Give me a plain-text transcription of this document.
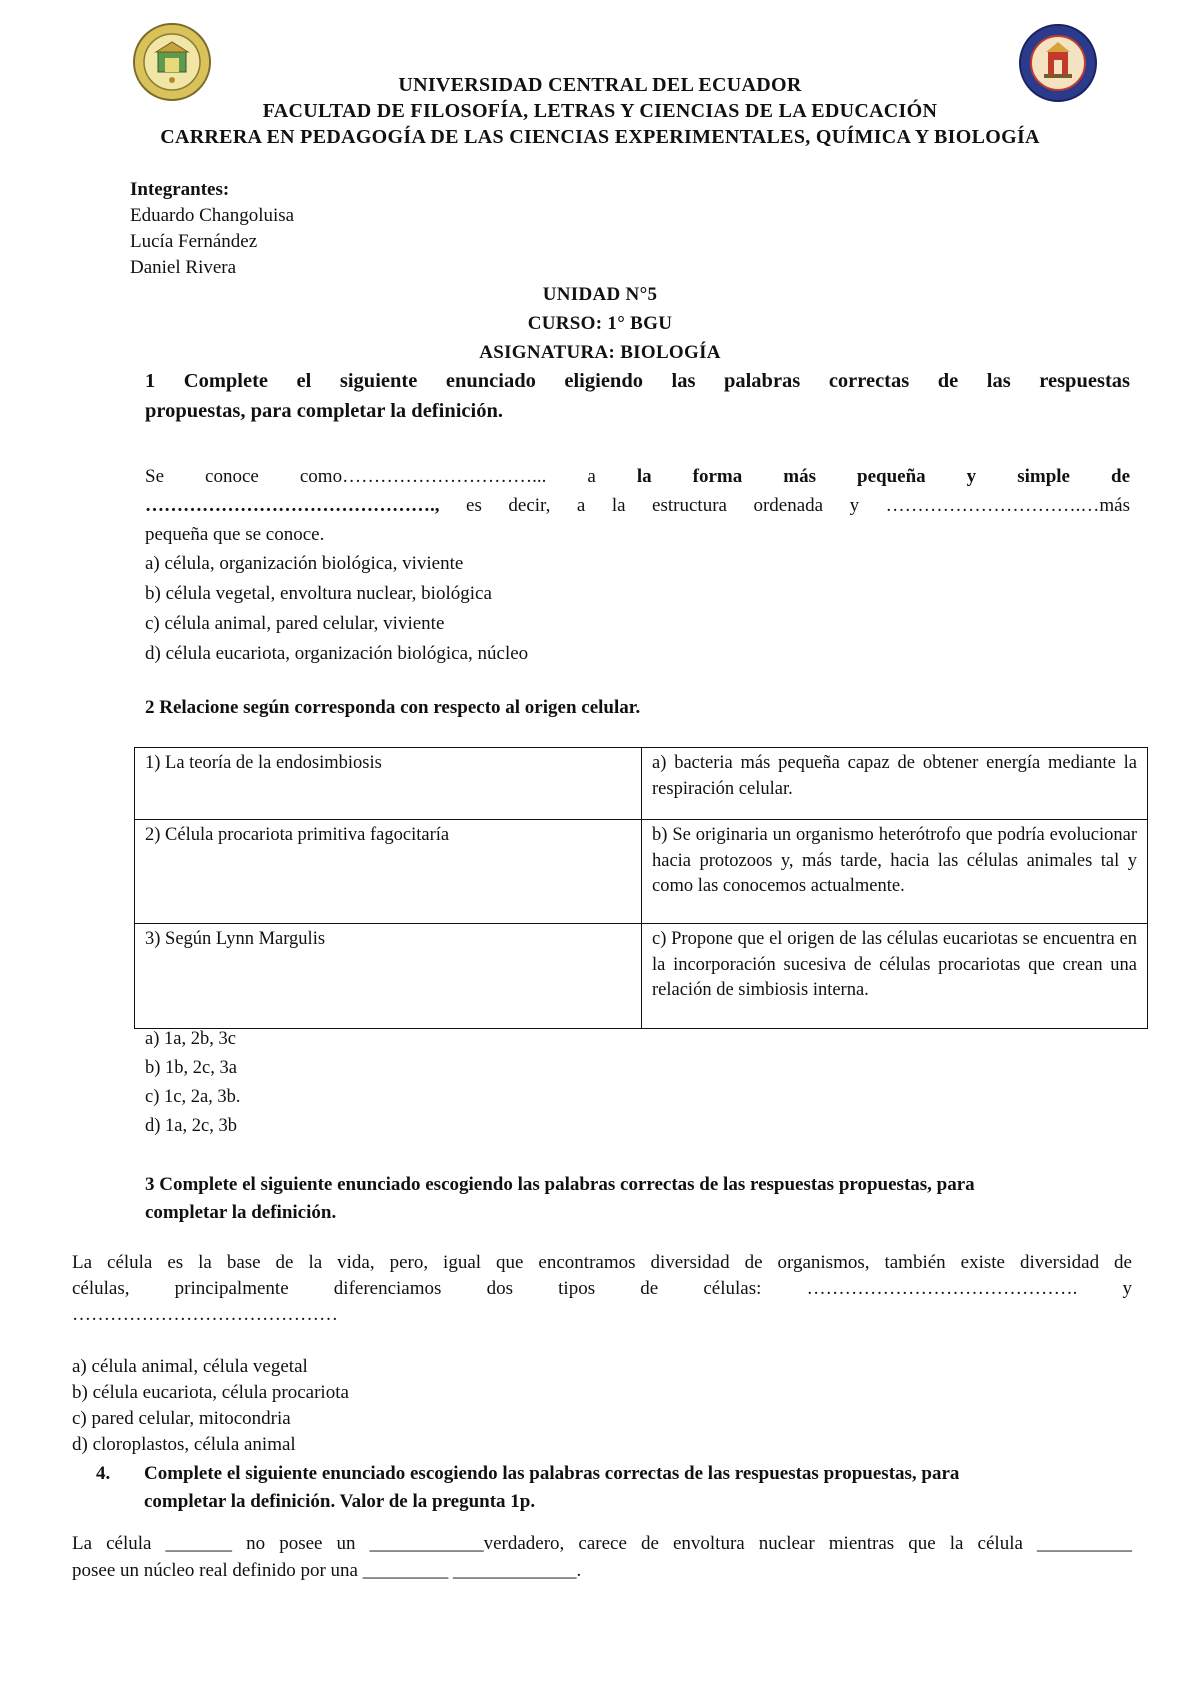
UNIVERSIDAD CENTRAL DEL ECUADOR
FACULTAD DE FILOSOFÍA, LETRAS Y CIENCIAS DE LA EDUCACIÓN
CARRERA EN PEDAGOGÍA DE LAS CIENCIAS EXPERIMENTALES, QUÍMICA Y BIOLOGÍA
Integrantes:
Eduardo Changoluisa
Lucía Fernández
Daniel Rivera
UNIDAD N°5
CURSO: 1° BGU
ASIGNATURA: BIOLOGÍA
1 Complete el siguiente enunciado eligiendo las palabras correctas de las respuestas
propuestas, para completar la definición.
Se conoce como…………………………... a la forma más pequeña y simple de
………………………………………., es decir, a la estructura ordenada y ………………………….…más
pequeña que se conoce.
a) célula, organización biológica, viviente
b) célula vegetal, envoltura nuclear, biológica
c) célula animal, pared celular, viviente
d) célula eucariota, organización biológica, núcleo
2 Relacione según corresponda con respecto al origen celular.
1) La teoría de la endosimbiosis	a) bacteria más pequeña capaz de obtener energía mediante la respiración celular.
2) Célula procariota primitiva fagocitaría	b) Se originaria un organismo heterótrofo que podría evolucionar hacia protozoos y, más tarde, hacia las células animales tal y como las conocemos actualmente.
3) Según Lynn Margulis	c) Propone que el origen de las células eucariotas se encuentra en la incorporación sucesiva de células procariotas que crean una relación de simbiosis interna.
a) 1a, 2b, 3c
b) 1b, 2c, 3a
c) 1c, 2a, 3b.
d) 1a, 2c, 3b
3 Complete el siguiente enunciado escogiendo las palabras correctas de las respuestas propuestas, para
completar la definición.
La célula es la base de la vida, pero, igual que encontramos diversidad de organismos, también existe diversidad de
células, principalmente diferenciamos dos tipos de células: ……………………………………. y
……………………………………
a) célula animal, célula vegetal
b) célula eucariota, célula procariota
c) pared celular, mitocondria
d) cloroplastos, célula animal
4. Complete el siguiente enunciado escogiendo las palabras correctas de las respuestas propuestas, para
completar la definición. Valor de la pregunta 1p.
La célula _______ no posee un ____________verdadero, carece de envoltura nuclear mientras que la célula __________
posee un núcleo real definido por una _________ _____________.
